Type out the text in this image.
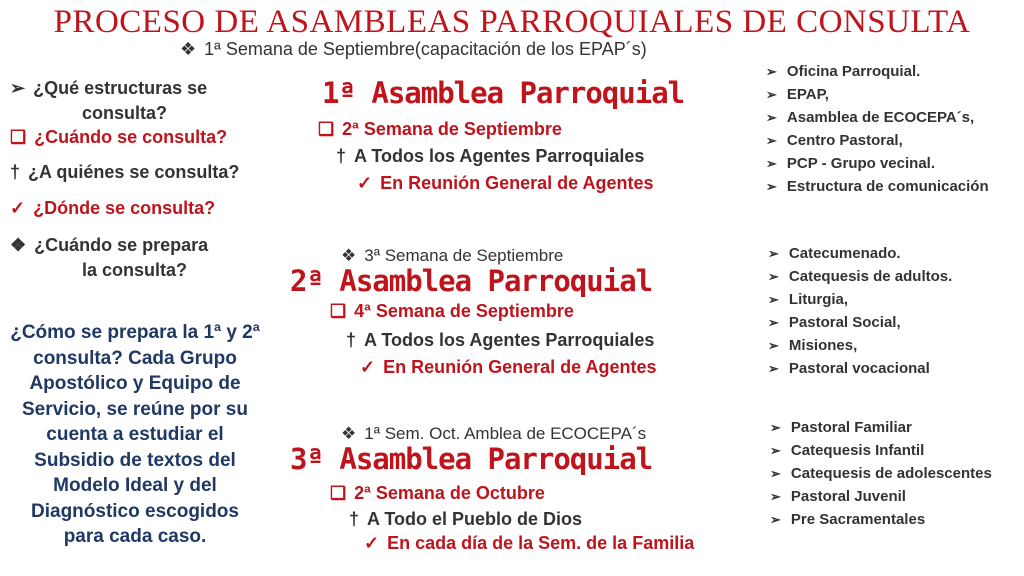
PROCESO DE ASAMBLEAS PARROQUIALES DE CONSULTA
❖ 1ª Semana de Septiembre(capacitación de los EPAP´s)
➢ ¿Qué estructuras se
consulta?
❑ ¿Cuándo se consulta?
† ¿A quiénes se consulta?
✓ ¿Dónde se consulta?
❖ ¿Cuándo se prepara
la consulta?
¿Cómo se prepara la 1ª y 2ª consulta? Cada Grupo Apostólico y Equipo de Servicio, se reúne por su cuenta a estudiar el Subsidio de textos del Modelo Ideal y del Diagnóstico escogidos para cada caso.
1ª Asamblea Parroquial
❑ 2ª Semana de Septiembre
† A Todos los Agentes Parroquiales
✓ En Reunión General de Agentes
➢ Oficina Parroquial.
➢ EPAP,
➢ Asamblea de ECOCEPA´s,
➢ Centro Pastoral,
➢ PCP - Grupo vecinal.
➢ Estructura de comunicación
❖ 3ª Semana de Septiembre
2ª Asamblea Parroquial
❑ 4ª Semana de Septiembre
† A Todos los Agentes Parroquiales
✓ En Reunión General de Agentes
➢ Catecumenado.
➢ Catequesis de adultos.
➢ Liturgia,
➢ Pastoral Social,
➢ Misiones,
➢ Pastoral vocacional
❖ 1ª Sem. Oct. Amblea de ECOCEPA´s
3ª Asamblea Parroquial
❑ 2ª Semana de Octubre
† A Todo el Pueblo de Dios
✓ En cada día de la Sem. de la Familia
➢ Pastoral Familiar
➢ Catequesis Infantil
➢ Catequesis de adolescentes
➢ Pastoral Juvenil
➢ Pre Sacramentales
